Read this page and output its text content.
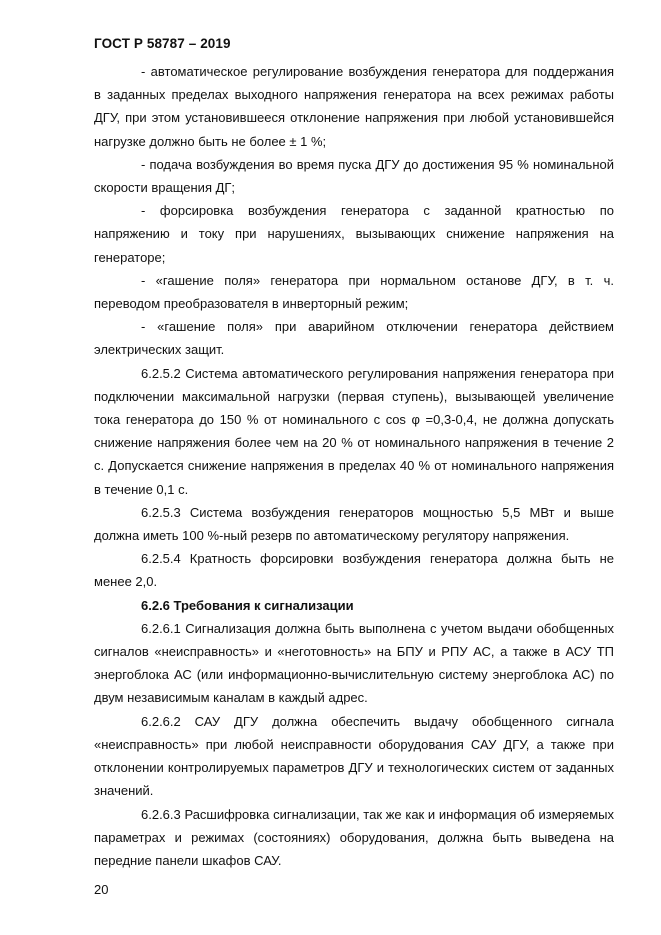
ГОСТ Р 58787 – 2019

- автоматическое регулирование возбуждения генератора для поддержания в заданных пределах выходного напряжения генератора на всех режимах работы ДГУ, при этом установившееся отклонение напряжения при любой установившейся нагрузке должно быть не более ± 1 %;

- подача возбуждения во время пуска ДГУ до достижения 95 % номинальной скорости вращения ДГ;

- форсировка возбуждения генератора с заданной кратностью по напряжению и току при нарушениях, вызывающих снижение напряжения на генераторе;

- «гашение поля» генератора при нормальном останове ДГУ, в т. ч. переводом преобразователя в инверторный режим;

- «гашение поля» при аварийном отключении генератора действием электрических защит.

6.2.5.2 Система автоматического регулирования напряжения генератора при подключении максимальной нагрузки (первая ступень), вызывающей увеличение тока генератора до 150 % от номинального с cos φ =0,3-0,4, не должна допускать снижение напряжения более чем на 20 % от номинального напряжения в течение 2 с. Допускается снижение напряжения в пределах 40 % от номинального напряжения в течение 0,1 с.

6.2.5.3 Система возбуждения генераторов мощностью 5,5 МВт и выше должна иметь 100 %-ный резерв по автоматическому регулятору напряжения.

6.2.5.4 Кратность форсировки возбуждения генератора должна быть не менее 2,0.

6.2.6 Требования к сигнализации

6.2.6.1 Сигнализация должна быть выполнена с учетом выдачи обобщенных сигналов «неисправность» и «неготовность» на БПУ и РПУ АС, а также в АСУ ТП энергоблока АС (или информационно-вычислительную систему энергоблока АС) по двум независимым каналам в каждый адрес.

6.2.6.2 САУ ДГУ должна обеспечить выдачу обобщенного сигнала «неисправность» при любой неисправности оборудования САУ ДГУ, а также при отклонении контролируемых параметров ДГУ и технологических систем от заданных значений.

6.2.6.3 Расшифровка сигнализации, так же как и информация об измеряемых параметрах и режимах (состояниях) оборудования, должна быть выведена на передние панели шкафов САУ.

20
